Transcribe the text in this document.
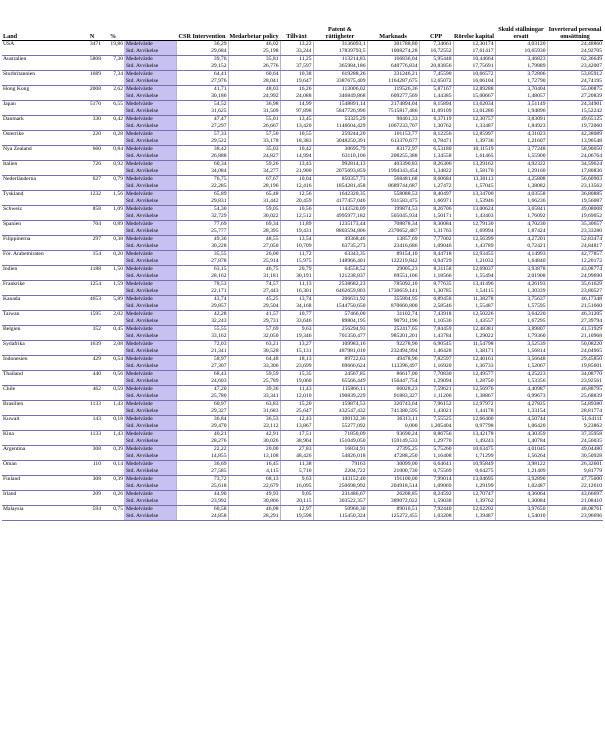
Land	N	%		CSR Intervention	Medarbetar policy	Tillväxt	Patent & rättigheter	Marknads	CPP	Rörelse kapital	Skuld ställningar ersatt	Inverterad personal omsättning
USA	3471	19,86	Medelvärde	36,29	46,02	13,22	3136093,1	301788,80	7,34661	12,30174	4,03120	24,48860
			Std. Avvikelse	29,684	25,198	33,244	17839793,5	1008274,28	16,72552	17,61417	10,65930	24,92705
Australien	5808	7,30	Medelvärde	39,76	35,81	11,25	113214,83	166836,04	5,95448	10,44664	3,46823	62,36649
			Std. Avvikelse	29,152	26,776	37,597	365984,186	640776,834	20,83856	17,75691	1,79889	23,42007
Storbritannien	1689	7,34	Medelvärde	64,41	60,64	10,38	619288,26	331246,21	7,45590	10,66572	3,72806	53,85912
			Std. Avvikelse	27,976	28,041	19,647	3387675,409	1164287,675	12,65072	16,06104	1,72790	24,74195
Hong Kong	2008	2,62	Medelvärde	41,71	48,03	16,26	113006,02	119526,36	5,87167	12,89288	3,70404	55,00875
			Std. Avvikelse	30,186	24,992	24,088	346849,868	609277,569	1,44385	15,00667	1,48057	27,20839
Japan	5170	6,55	Medelvärde	54,52	36,98	14,99	1548891,14	2174894,04	8,15894	13,62034	3,51149	24,34901
			Std. Avvikelse	31,625	31,509	97,898	5847726,996	7515817,486	11,09109	13,01286	1,94896	15,52242
Danmark	330	0,42	Medelvärde	47,47	55,01	13,45	53325,29	98401,33	6,37119	12,30757	3,83091	49,65125
			Std. Avvikelse	27,297	26,667	13,420	1146604,429	1067233,707	1,30762	1,33487	1,84923	19,72060
Österrike	220	0,28	Medelvärde	57,33	57,50	10,55	259244,20	101153,77	8,12256	12,85997	4,31023	42,38089
			Std. Avvikelse	29,522	33,178	18,383	3048250,391	613370,677	0,78471	1,39736	1,21607	13,90548
Nya Zealand	660	0,84	Medelvärde	38,42	35,03	10,42	30695,79	83172,97	6,53180	10,11519	3,77248	58,90050
			Std. Avvikelse	26,888	24,827	14,994	63110,106	208255,388	1,34558	1,61465	1,55900	24,06764
Italien	726	0,92	Medelvärde	60,34	59,26	13,43	992814,13	403390,83	8,26306	13,29162	4,92322	34,59624
			Std. Avvikelse	34,084	34,277	21,900	2075693,859	1994343,454	1,34822	1,58170	1,29160	17,80836
Nederländerna	627	0,79	Medelvärde	76,75	67,67	10,04	850357,73	568481,68	8,60684	13,30113	4,25808	56,60903
			Std. Avvikelse	22,285	28,196	12,416	1854281,458	8689744,687	1,27472	1,57045	1,38082	23,13562
Tyskland	1232	1,56	Medelvärde	65,89	65,48	12,56	1642320,35	558088,53	8,40497	13,34700	4,03558	36,80885
			Std. Avvikelse	29,831	31,442	20,459	4177457,046	931583,475	1,66971	1,53946	1,66236	19,56087
Schweiz	858	1,09	Medelvärde	54,30	59,05	10,56	1143520,09	199874,53	8,26706	13,00624	3,65841	49,08008
			Std. Avvikelse	32,729	30,022	12,512	4995977,182	505045,934	1,50171	1,43403	1,76092	19,69052
Spanien	704	0,89	Medelvärde	77,69	69,34	11,89	1235173,44	708878,34	8,30084	12,79130	4,70230	35,30657
			Std. Avvikelse	25,777	28,395	19,431	8803594,806	2370652,487	1,31763	1,69994	1,87424	23,33280
Filippinerna	297	0,38	Medelvärde	49,36	48,55	13,54	49368,46	13857,69	7,77002	12,56399	4,27201	52,83474
			Std. Avvikelse	30,228	27,050	10,709	63735,273	23416,686	1,09046	1,43789	0,72421	24,84817
För. Arabemiraten	154	0,20	Medelvärde	35,55	26,00	11,72	63343,35	89154,10	8,44718	12,93455	4,14993	42,77857
			Std. Avvikelse	27,878	25,914	15,975	148966,401	122219,842	0,94729	1,21032	1,64840	12,20172
Indien	1188	1,50	Medelvärde	63,15	46,75	20,79	64558,52	29005,23	8,31158	12,69037	3,93878	43,08774
			Std. Avvikelse	28,162	31,181	30,191	121238,837	69551,106	1,18566	1,55494	2,01908	24,99690
Frankrike	1254	1,59	Medelvärde	78,53	74,57	11,13	2538682,23	785092,10	8,77635	13,41496	4,26193	35,61629
			Std. Avvikelse	22,171	27,443	16,301	6462659,803	1730659,141	1,30785	1,54115	1,30339	23,80527
Kanada	4653	5,89	Medelvärde	43,74	45,25	13,74	206631,92	355804,95	6,89458	11,38278	3,75637	46,17348
			Std. Avvikelse	29,857	29,504	34,168	1544750,650	870660,800	2,58546	1,55487	1,57595	21,51660
Taiwan	1595	2,02	Medelvärde	42,28	41,57	10,77	57466,00	31102,74	7,43918	12,50226	3,64220	46,31205
			Std. Avvikelse	32,243	29,731	33,646	89804,195	90791,196	1,10536	1,43557	1,67295	27,39794
Belgien	352	0,45	Medelvärde	55,55	57,69	9,63	256294,93	252417,65	7,84459	12,48381	3,89807	41,51929
			Std. Avvikelse	33,162	32,050	19,346	701350,477	985201,201	1,43784	1,29022	1,79360	21,10968
Sydafrika	1639	2,08	Medelvärde	72,03	63,21	13,27	109983,16	92278,90	6,90545	11,54798	3,52539	50,08220
			Std. Avvikelse	21,341	30,528	15,131	487981,010	232494,994	1,46428	1,38171	1,56814	24,04965
Indonesien	429	0,54	Medelvärde	58,97	64,48	18,13	89722,63	49478,96	7,82597	12,40161	3,56648	29,45850
			Std. Avvikelse	27,307	33,306	23,699	69666,624	113396,497	1,16920	1,36733	1,52067	19,85601
Thailand	440	0,56	Medelvärde	68,43	59,59	15,35	24567,85	86617,00	7,70830	12,49577	4,25223	34,08770
			Std. Avvikelse	24,603	25,789	19,060	65566,449	156447,754	1,29094	1,28750	1,53356	23,92561
Chile	462	0,59	Medelvärde	47,20	39,36	11,43	115866,11	66028,23	7,59621	12,56976	4,40987	46,88795
			Std. Avvikelse	25,780	33,341	12,010	190839,229	91883,327	1,11206	1,38867	0,99673	25,68839
Brasilien	1133	1,43	Medelvärde	60,97	63,83	15,20	159874,53	320743,64	7,96152	12,97972	4,27825	54,89380
			Std. Avvikelse	29,327	31,683	25,647	432547,432	741380,595	1,43021	1,44178	1,33154	28,81774
Kuwait	143	0,18	Medelvärde	36,84	36,53	12,43	100132,36	36313,11	7,55525	12,66400	4,50744	51,64111
			Std. Avvikelse	29,470	22,112	13,867	55277,092	0,000	1,205404	0,97798	1,06420	9,23862
Kina	1133	1,43	Medelvärde	40,21	42,91	17,51	71850,09	93690,24	8,86756	13,42178	4,30359	37,35958
			Std. Avvikelse	28,276	30,026	38,964	151049,050	159149,533	1,29770	1,49243	1,40784	24,56035
Argentina	308	0,39	Medelvärde	22,22	20,00	27,83	16834,91	27395,25	5,75260	10,63475	4,01045	49,04480
			Std. Avvikelse	14,855	13,108	48,426	54826,018	47288,250	1,16408	1,71299	1,56264	30,50928
Oman	110	0,14	Medelvärde	36,69	16,45	11,38	79163	30099,00	6,64641	10,95849	3,98122	26,32601
			Std. Avvikelse	27,585	4,115	5,710	2204,722	21000,730	0,75569	0,64275	1,21409	9,81779
Finland	308	0,39	Medelvärde	73,72	68,13	9,63	143152,40	191100,00	7,99014	13,04695	3,92890	47,75000
			Std. Avvikelse	25,618	22,679	16,095	250698,992	204918,514	1,09069	1,29199	1,02487	22,12610
Irland	209	0,26	Medelvärde	44,90	49,93	9,05	231486,67	26208,85	8,24592	12,70747	4,36064	43,66697
			Std. Avvikelse	23,992	30,866	20,115	303522,357	389072,022	1,59038	1,39762	1,30084	21,08410
Malaysia	594	0,75	Medelvärde	60,58	46,08	12,97	50960,30	89010,51	7,92440	12,62202	3,97650	48,08761
			Std. Avvikelse	24,858	28,291	19,598	115450,324	125272,455	1,03208	1,39487	1,54010	23,96696
